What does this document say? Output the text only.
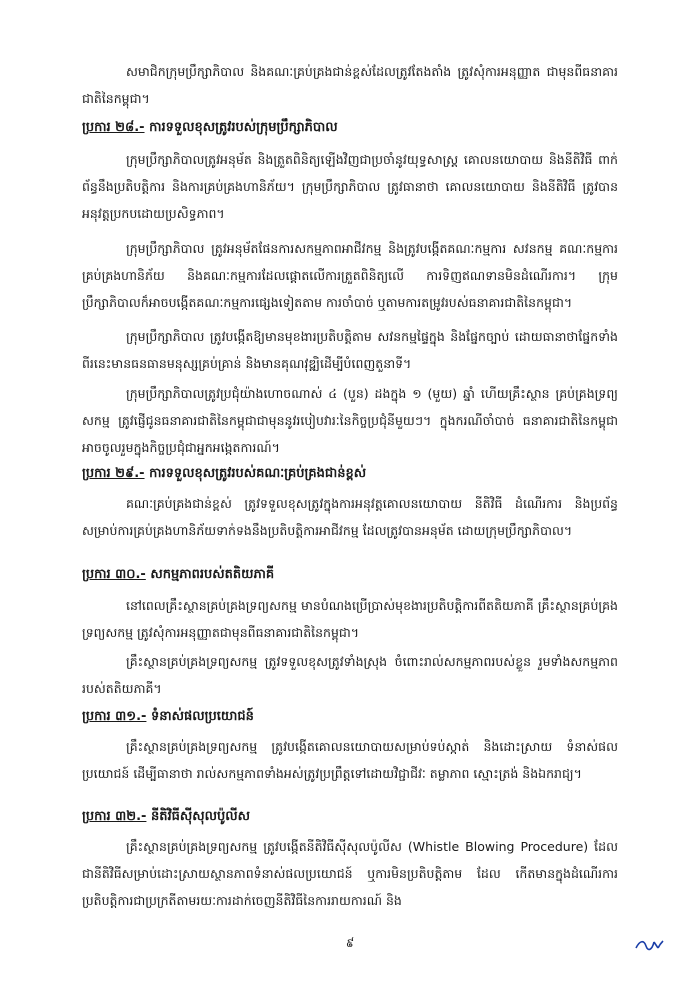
សមាជិកក្រុមប្រឹក្សាភិបាល និងគណៈគ្រប់គ្រងជាន់ខ្ពស់ដែលត្រូវតែងតាំង ត្រូវសុំការអនុញ្ញាត ជាមុនពីធនាគារជាតិនៃកម្ពុជា។
ប្រការ ២៨.- ការទទួលខុសត្រូវរបស់ក្រុមប្រឹក្សាភិបាល
ក្រុមប្រឹក្សាភិបាលត្រូវអនុម័ត និងត្រួតពិនិត្យឡើងវិញជាប្រចាំនូវយុទ្ធសាស្ត្រ គោលនយោបាយ និងនីតិវិធី ពាក់ព័ន្ធនឹងប្រតិបត្តិការ និងការគ្រប់គ្រងហានិភ័យ។ ក្រុមប្រឹក្សាភិបាល ត្រូវធានាថា គោលនយោបាយ និងនីតិវិធី ត្រូវបានអនុវត្តប្រកបដោយប្រសិទ្ធភាព។
ក្រុមប្រឹក្សាភិបាល ត្រូវអនុម័តផែនការសកម្មភាពអាជីវកម្ម និងត្រូវបង្កើតគណៈកម្មការ សវនកម្ម គណៈកម្មការគ្រប់គ្រងហានិភ័យ និងគណៈកម្មការដែលផ្តោតលើការត្រួតពិនិត្យលើ ការទិញឥណទានមិនដំណើរការ។ ក្រុមប្រឹក្សាភិបាលក៏អាចបង្កើតគណៈកម្មការផ្សេងទៀតតាម ការចាំបាច់ ឬតាមការតម្រូវរបស់ធនាគារជាតិនៃកម្ពុជា។
ក្រុមប្រឹក្សាភិបាល ត្រូវបង្កើតឱ្យមានមុខងារប្រតិបត្តិតាម សវនកម្មផ្ទៃក្នុង និងផ្នែកច្បាប់ ដោយធានាថាផ្នែកទាំងពីរនេះមានធនធានមនុស្សគ្រប់គ្រាន់ និងមានគុណវុឌ្ឍិដើម្បីបំពេញតួនាទី។
ក្រុមប្រឹក្សាភិបាលត្រូវប្រជុំយ៉ាងហោចណាស់ ៤ (បួន) ដងក្នុង ១ (មួយ) ឆ្នាំ ហើយគ្រឹះស្ថាន គ្រប់គ្រងទ្រព្យសកម្ម ត្រូវផ្ញើជូនធនាគារជាតិនៃកម្ពុជាជាមុននូវរបៀបវារៈនៃកិច្ចប្រជុំនីមួយៗ។ ក្នុងករណីចាំបាច់ ធនាគារជាតិនៃកម្ពុជា អាចចូលរួមក្នុងកិច្ចប្រជុំជាអ្នកអង្កេតការណ៍។
ប្រការ ២៩.- ការទទួលខុសត្រូវរបស់គណៈគ្រប់គ្រងជាន់ខ្ពស់
គណៈគ្រប់គ្រងជាន់ខ្ពស់ ត្រូវទទួលខុសត្រូវក្នុងការអនុវត្តគោលនយោបាយ នីតិវិធី ដំណើរការ និងប្រព័ន្ធសម្រាប់ការគ្រប់គ្រងហានិភ័យទាក់ទងនឹងប្រតិបត្តិការអាជីវកម្ម ដែលត្រូវបានអនុម័ត ដោយក្រុមប្រឹក្សាភិបាល។
ប្រការ ៣០.- សកម្មភាពរបស់តតិយភាគី
នៅពេលគ្រឹះស្ថានគ្រប់គ្រងទ្រព្យសកម្ម មានបំណងប្រើប្រាស់មុខងារប្រតិបត្តិការពីតតិយភាគី គ្រឹះស្ថានគ្រប់គ្រងទ្រព្យសកម្ម ត្រូវសុំការអនុញ្ញាតជាមុនពីធនាគារជាតិនៃកម្ពុជា។
គ្រឹះស្ថានគ្រប់គ្រងទ្រព្យសកម្ម ត្រូវទទួលខុសត្រូវទាំងស្រុង ចំពោះរាល់សកម្មភាពរបស់ខ្លួន រួមទាំងសកម្មភាពរបស់តតិយភាគី។
ប្រការ ៣១.- ទំនាស់ផលប្រយោជន៍
គ្រឹះស្ថានគ្រប់គ្រងទ្រព្យសកម្ម ត្រូវបង្កើតគោលនយោបាយសម្រាប់ទប់ស្កាត់ និងដោះស្រាយ ទំនាស់ផលប្រយោជន៍ ដើម្បីធានាថា រាល់សកម្មភាពទាំងអស់ត្រូវប្រព្រឹត្តទៅដោយវិជ្ជាជីវៈ តម្លាភាព ស្មោះត្រង់ និងឯករាជ្យ។
ប្រការ ៣២.- នីតិវិធីស៊ីសុលប៉ូលីស
គ្រឹះស្ថានគ្រប់គ្រងទ្រព្យសកម្ម ត្រូវបង្កើតនីតិវិធីស៊ីសុលប៉ូលីស (Whistle Blowing Procedure) ដែលជានីតិវិធីសម្រាប់ដោះស្រាយស្ថានភាពទំនាស់ផលប្រយោជន៍ ឬការមិនប្រតិបត្តិតាម ដែល កើតមានក្នុងដំណើរការប្រតិបត្តិការជាប្រក្រតីតាមរយៈការដាក់ចេញនីតិវិធីនៃការរាយការណ៍ និង
៩
